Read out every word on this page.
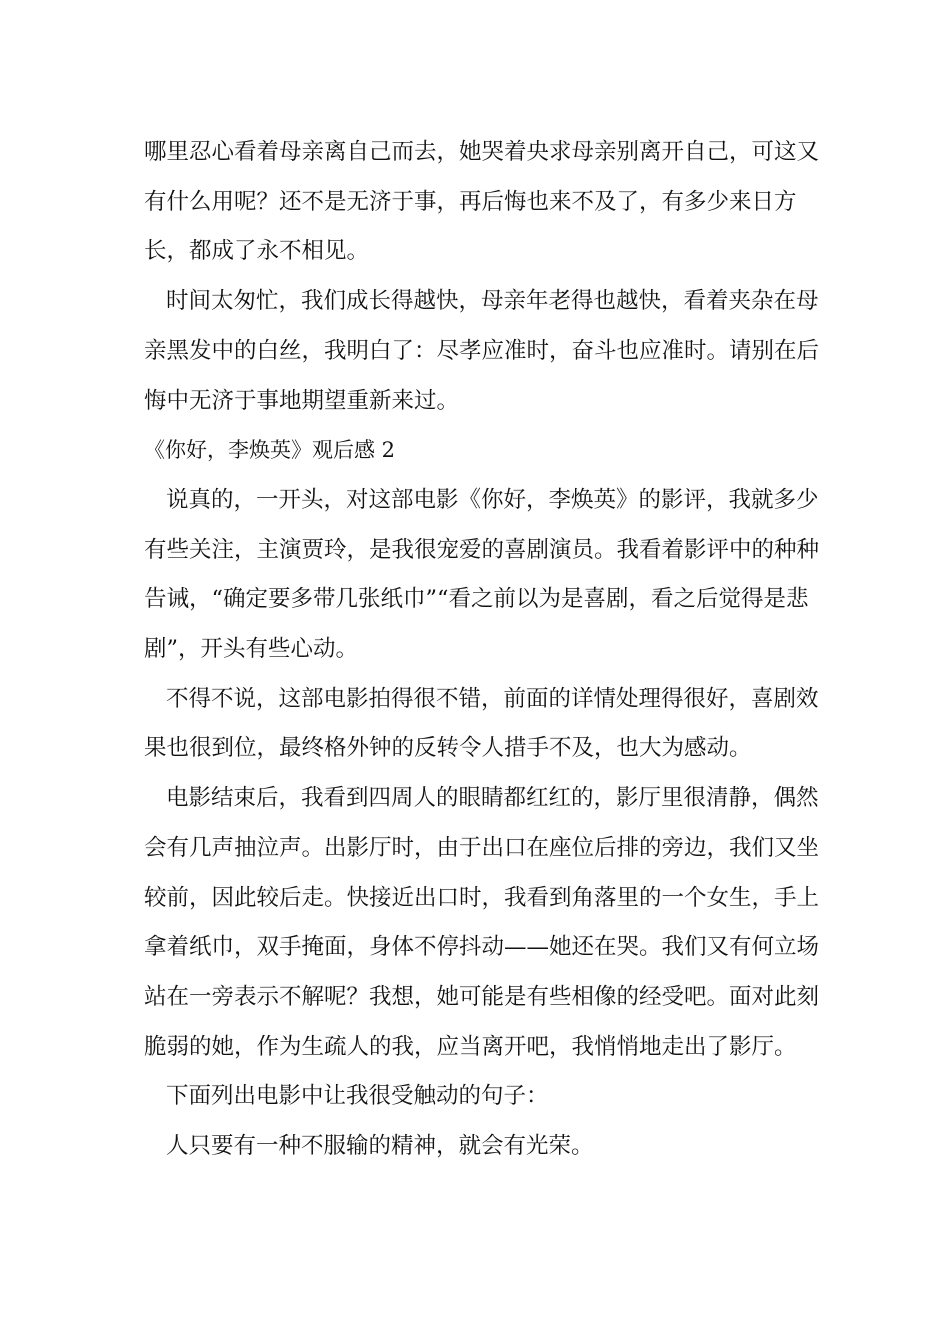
哪里忍心看着母亲离自己而去，她哭着央求母亲别离开自己，可这又有什么用呢？还不是无济于事，再后悔也来不及了，有多少来日方长，都成了永不相见。

时间太匆忙，我们成长得越快，母亲年老得也越快，看着夹杂在母亲黑发中的白丝，我明白了：尽孝应准时，奋斗也应准时。请别在后悔中无济于事地期望重新来过。

《你好，李焕英》观后感 2

说真的，一开头，对这部电影《你好，李焕英》的影评，我就多少有些关注，主演贾玲，是我很宠爱的喜剧演员。我看着影评中的种种告诫，“确定要多带几张纸巾”“看之前以为是喜剧，看之后觉得是悲剧”，开头有些心动。

不得不说，这部电影拍得很不错，前面的详情处理得很好，喜剧效果也很到位，最终格外钟的反转令人措手不及，也大为感动。

电影结束后，我看到四周人的眼睛都红红的，影厅里很清静，偶然会有几声抽泣声。出影厅时，由于出口在座位后排的旁边，我们又坐较前，因此较后走。快接近出口时，我看到角落里的一个女生，手上拿着纸巾，双手掩面，身体不停抖动——她还在哭。我们又有何立场站在一旁表示不解呢？我想，她可能是有些相像的经受吧。面对此刻脆弱的她，作为生疏人的我，应当离开吧，我悄悄地走出了影厅。

下面列出电影中让我很受触动的句子：

人只要有一种不服输的精神，就会有光荣。
